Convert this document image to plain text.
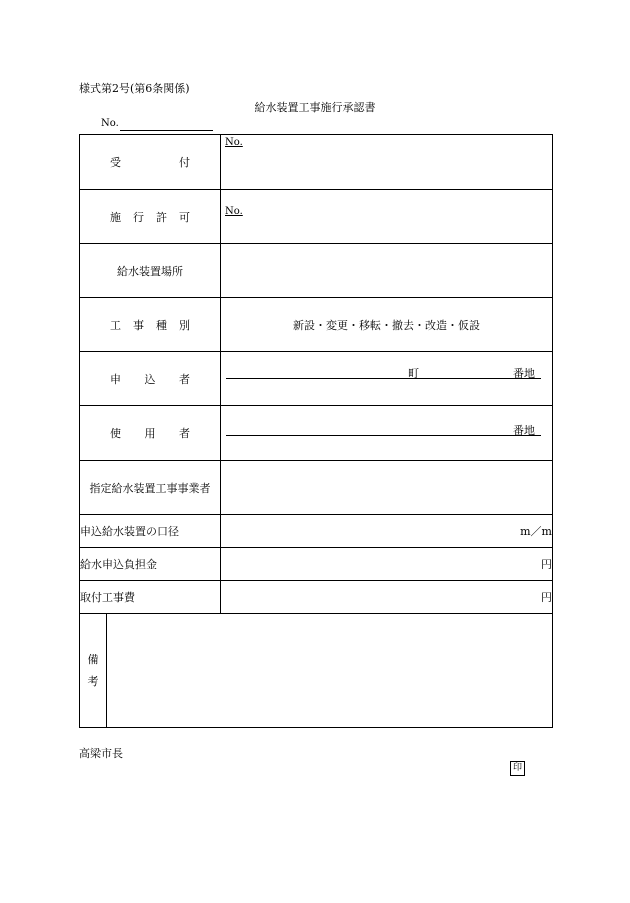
様式第2号(第6条関係)
給水装置工事施行承認書
No.
受 付		No.

施 行 許 可		No.

給水装置場所		

工 事 種 別		新設・変更・移転・撤去・改造・仮設

申 込 者		町 番地

使 用 者		番地

指定給水装置工事事業者		
申込給水装置の口径		m／m
給水申込負担金		円
取付工事費		円

備
考		

高梁市長
印
